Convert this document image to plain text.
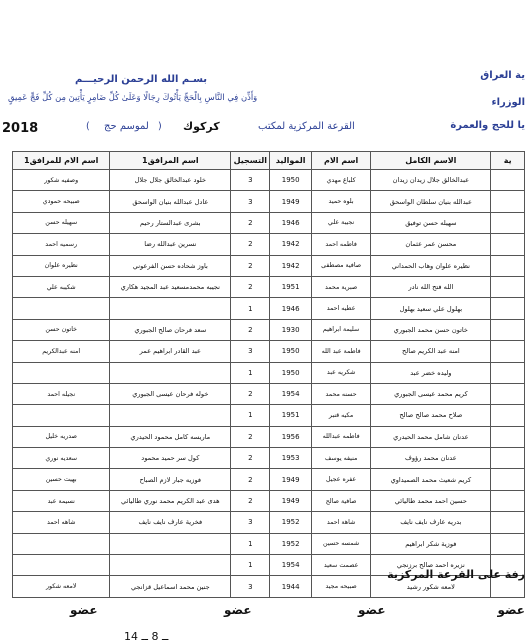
ية العراق
الوزراء
يا للحج والعمرة
بسـم الله الرحمن الرحيـــم
وَأَذِّن فِي النَّاسِ بِالْحَجِّ يَأْتُوكَ رِجَالًا وَعَلَىٰ كُلِّ ضَامِرٍ يَأْتِينَ مِن كُلِّ فَجٍّ عَمِيقٍ
القرعة المركزية لمكتب
كركوك
)
لموسم حج
(
2018
ية	الاسم الكامل	اسم الام	المواليد	التسجيل	اسم المرافق1	اسم الام للمرافق1
	عبدالخالق جلال زيدان زيدان	كلباغ مهدي	1950	3	خلود عبدالخالق جلال جلال	وصفيه شكور
	عبدالله بنيان سلطان الواسحق	بلوه حميد	1949	3	عادل عبدالله بنيان الواسحق	صبيحه حمودي
	سهيله حسن توفيق	نجيبة علي	1946	2	بشرى عبدالستار رحيم	سهيله حسن
	محسن عمر عثمان	فاطمه احمد	1942	2	نسرين عبدالله رضا	رسميه احمد
	نظيره علوان وهاب الحمداني	صافية مصطفى	1942	2	باوز شحاده حسن الفرعوني	نظيره علوان
	الله فتح الله نادر	صبرية محمد	1951	2	نجيبه محمدمسعيد عبد المجيد هكاري	شكيبه علي
	بهلول علي سعيد بهلول	عطيه احمد	1946	1		
	خاتون حسن محمد الجبوري	سليمة ابراهيم	1930	2	سعد فرحان صالح الجبوري	خاتون حسن
	امنه عبد الكريم صالح	فاطمة عبد الله	1950	3	عبد القادر ابراهيم عمر	امنه عبدالكريم
	وليده خضر عبد	شكريه عبد	1950	1		
	كريم محمد عيسى الجبوري	حسنه محمد	1954	2	خوله فرحان عيسى الجبوري	نجيله احمد
	صلاح محمد صالح صالح	مكيه قنبر	1951	1		
	عدنان شامل محمد الحيدري	فاطمه عبدالله	1956	2	ماريسه كامل محمود الحيدري	صدريه خليل
	عدنان محمد رؤوف	منيفه يوسف	1953	2	كول سر حميد محمود	سعديه نوري
	كريم شعيث محمد الصميداوي	عفره عجيل	1949	2	فوزيه جبار لازم الصباح	بهيت حسين
	حسين احمد محمد طاليائي	صافية صالح	1949	2	هدى عبد الكريم محمد نوري طاليائي	نسيمة عبد
	بدريه عارف نايف نايف	شاهة احمد	1952	3	فخرية عارف نايف نايف	شاهه احمد
	فوزية شكر ابراهيم	شمسه حسين	1952	1		
	نزيره احمد صالح برزنجي	عصمت سعيد	1954	1		
	لامعه شكور رشيد	صبيحه مجيد	1944	3	جنين محمد اسماعيل قزانجي	لامعه شكور
رفة على القرعة المركزية
عضو
عضو
عضو
عضو
14 ــ 8 ــ
